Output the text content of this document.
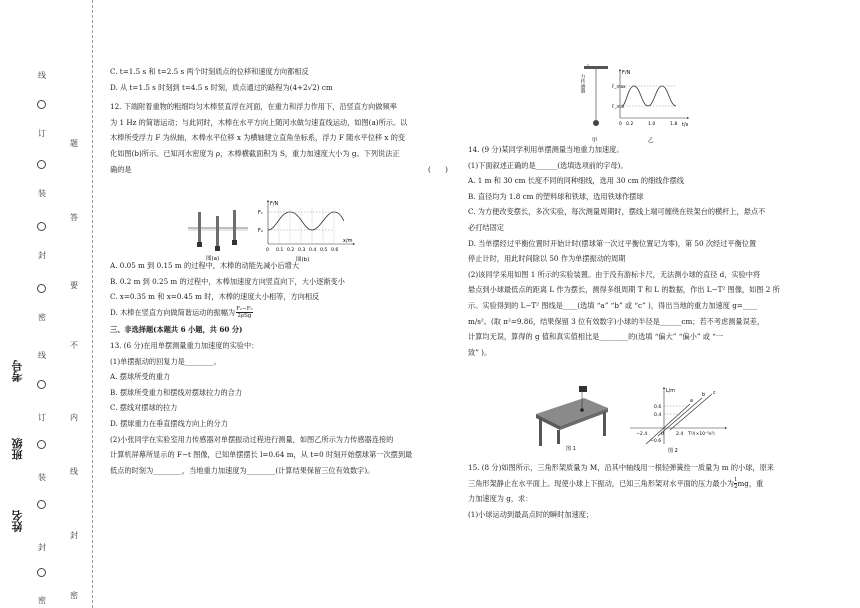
线
订
装
封
密
线
订
装
封
密
题
答
要
不
内
线
封
密
考号
班级
姓名

C. t=1.5 s 和 t=2.5 s 两个时刻质点的位移和速度方向都相反

D. 从 t=1.5 s 时刻到 t=4.5 s 时刻，质点通过的路程为(4+2√2) cm

12. 下端附着重物的粗细均匀木棒竖直浮在河面，在重力和浮力作用下，沿竖直方向做频率

为 1 Hz 的简谐运动；与此同时，木棒在水平方向上随河水做匀速直线运动，如图(a)所示。以

木棒所受浮力 F 为纵轴，木棒水平位移 x 为横轴建立直角坐标系，浮力 F 随水平位移 x 的变

化如图(b)所示。已知河水密度为 ρ，木棒横截面积为 S，重力加速度大小为 g。下列说法正

确的是	(　　)

图(a)
F/N
F₁
F₂
x/m
0 0.1 0.2 0.3 0.4 0.5 0.6
图(b)

A. 0.05 m 到 0.15 m 的过程中，木棒的动能先减小后增大

B. 0.2 m 到 0.25 m 的过程中，木棒加速度方向竖直向下，大小逐渐变小

C. x=0.35 m 和 x=0.45 m 时，木棒的速度大小相等，方向相反

D. 木棒在竖直方向做简谐运动的振幅为 F₁−F₂
2ρSg

三、非选择题(本题共 6 小题，共 60 分)

13. (6 分)在用单摆测量重力加速度的实验中：

(1)单摆振动的回复力是________。

A. 摆球所受的重力

B. 摆球所受重力和摆线对摆球拉力的合力

C. 摆线对摆球的拉力

D. 摆球重力在垂直摆线方向上的分力

(2)小张同学在实验室用力传感器对单摆振动过程进行测量，如图乙所示为力传感器连接的

计算机屏幕所显示的 F−t 图像，已知单摆摆长 l=0.64 m，从 t=0 时刻开始摆球第一次摆到最

低点的时刻为________，当地重力加速度为________(计算结果保留三位有效数字)。

力传感器
甲
F/N
F_max
F_min
t/s
0 0.2	1.0	1.8
乙

14. (9 分)某同学利用单摆测量当地重力加速度。

(1)下面叙述正确的是______(选填选项前的字母)。

A. 1 m 和 30 cm 长度不同的同种细线，选用 30 cm 的细线作摆线

B. 直径均为 1.8 cm 的塑料球和铁球，选用铁球作摆球

C. 为方便改变摆长，多次实验，每次测量周期时，摆线上端可缠绕在铁架台的横杆上，悬点不

必打结固定

D. 当单摆经过平衡位置时开始计时(摆球第一次过平衡位置记为零)，第 50 次经过平衡位置

停止计时，用此时间除以 50 作为单摆振动的周期

(2)该同学采用如图 1 所示的实验装置。由于没有游标卡尺，无法测小球的直径 d，实验中将

悬点到小球最低点的距离 L 作为摆长，测得多组周期 T 和 L 的数据，作出 L−T² 图像，如图 2 所

示。实验得到的 L−T² 图线是____(选填 “a” “b” 或 “c” )，得出当地的重力加速度 g=____

m/s²。(取 π²=9.86，结果保留 3 位有效数字)小球的半径是______cm；若不考虑测量误差，

计算均无误，算得的 g 值和真实值相比是________的(选填 “偏大” “偏小” 或 “一

致” )。

图 1
L/m
0.6
0.4
a
b c
−2.4	0	2.4
−0.6
T²/(×10⁻²s²)
图 2

15. (8 分)如图所示，三角形架质量为 M，沿其中轴线用一根轻弹簧拴一质量为 m 的小球，原来

三角形架静止在水平面上。现使小球上下振动，已知三角形架对水平面的压力最小为 $\frac{1}{2}$ mg，重

力加速度为 g，求：

(1)小球运动到最高点时的瞬时加速度；
